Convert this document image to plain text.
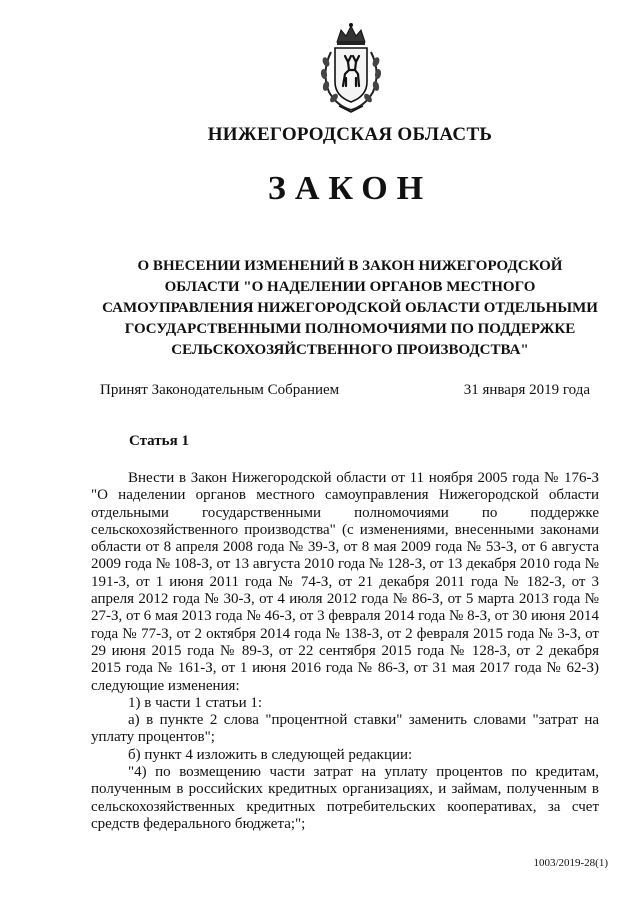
НИЖЕГОРОДСКАЯ ОБЛАСТЬ
ЗАКОН
О ВНЕСЕНИИ ИЗМЕНЕНИЙ В ЗАКОН НИЖЕГОРОДСКОЙ ОБЛАСТИ "О НАДЕЛЕНИИ ОРГАНОВ МЕСТНОГО САМОУПРАВЛЕНИЯ НИЖЕГОРОДСКОЙ ОБЛАСТИ ОТДЕЛЬНЫМИ ГОСУДАРСТВЕННЫМИ ПОЛНОМОЧИЯМИ ПО ПОДДЕРЖКЕ СЕЛЬСКОХОЗЯЙСТВЕННОГО ПРОИЗВОДСТВА"
Принят Законодательным Собранием	31 января 2019 года
Статья 1

Внести в Закон Нижегородской области от 11 ноября 2005 года № 176-З "О наделении органов местного самоуправления Нижегородской области отдельными государственными полномочиями по поддержке сельскохозяйственного производства" (с изменениями, внесенными законами области от 8 апреля 2008 года № 39-З, от 8 мая 2009 года № 53-З, от 6 августа 2009 года № 108-З, от 13 августа 2010 года № 128-З, от 13 декабря 2010 года № 191-З, от 1 июня 2011 года № 74-З, от 21 декабря 2011 года № 182-З, от 3 апреля 2012 года № 30-З, от 4 июля 2012 года № 86-З, от 5 марта 2013 года № 27-З, от 6 мая 2013 года № 46-З, от 3 февраля 2014 года № 8-З, от 30 июня 2014 года № 77-З, от 2 октября 2014 года № 138-З, от 2 февраля 2015 года № 3-З, от 29 июня 2015 года № 89-З, от 22 сентября 2015 года № 128-З, от 2 декабря 2015 года № 161-З, от 1 июня 2016 года № 86-З, от 31 мая 2017 года № 62-З) следующие изменения:

1) в части 1 статьи 1:

а) в пункте 2 слова "процентной ставки" заменить словами "затрат на уплату процентов";

б) пункт 4 изложить в следующей редакции:

"4) по возмещению части затрат на уплату процентов по кредитам, полученным в российских кредитных организациях, и займам, полученным в сельскохозяйственных кредитных потребительских кооперативах, за счет средств федерального бюджета;";

1003/2019-28(1)
